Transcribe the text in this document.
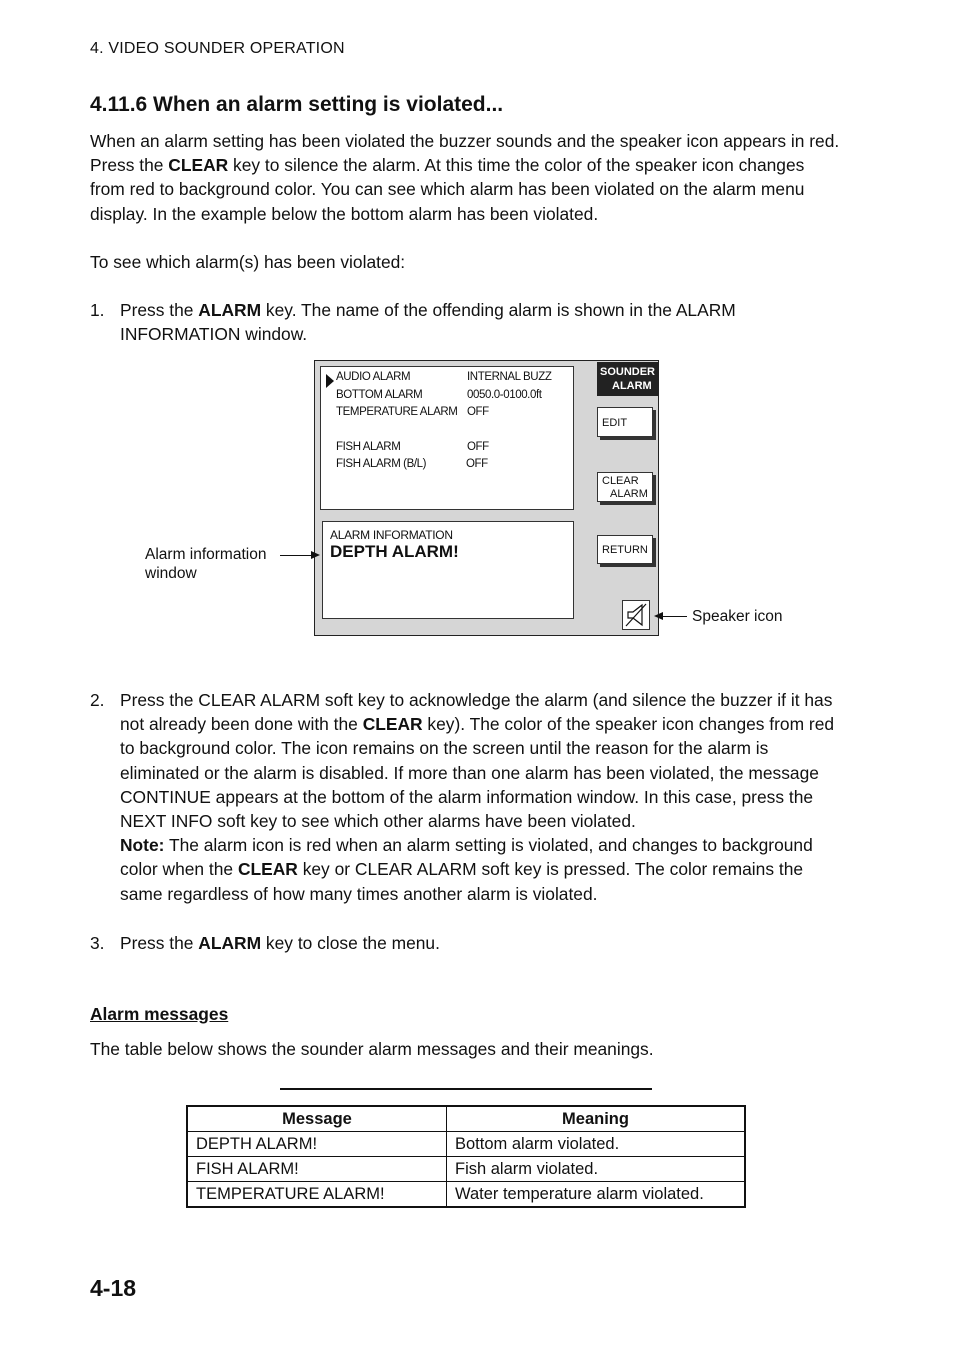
4. VIDEO SOUNDER OPERATION
4.11.6 When an alarm setting is violated...
When an alarm setting has been violated the buzzer sounds and the speaker icon appears in red. Press the CLEAR key to silence the alarm. At this time the color of the speaker icon changes from red to background color. You can see which alarm has been violated on the alarm menu display. In the example below the bottom alarm has been violated.
To see which alarm(s) has been violated:
1. Press the ALARM key. The name of the offending alarm is shown in the ALARM INFORMATION window.
AUDIO ALARM	INTERNAL BUZZ
BOTTOM ALARM	0050.0-0100.0ft
TEMPERATURE ALARM OFF
FISH ALARM	OFF
FISH ALARM (B/L)	OFF
ALARM INFORMATION
DEPTH ALARM!
SOUNDER
ALARM
EDIT
CLEAR
ALARM
RETURN
Alarm information
window
Speaker icon
2. Press the CLEAR ALARM soft key to acknowledge the alarm (and silence the buzzer if it has not already been done with the CLEAR key). The color of the speaker icon changes from red to background color. The icon remains on the screen until the reason for the alarm is eliminated or the alarm is disabled. If more than one alarm has been violated, the message CONTINUE appears at the bottom of the alarm information window. In this case, press the NEXT INFO soft key to see which other alarms have been violated.
Note: The alarm icon is red when an alarm setting is violated, and changes to background color when the CLEAR key or CLEAR ALARM soft key is pressed. The color remains the same regardless of how many times another alarm is violated.
3. Press the ALARM key to close the menu.
Alarm messages
The table below shows the sounder alarm messages and their meanings.
Message	Meaning
DEPTH ALARM!	Bottom alarm violated.
FISH ALARM!	Fish alarm violated.
TEMPERATURE ALARM!	Water temperature alarm violated.
4-18
